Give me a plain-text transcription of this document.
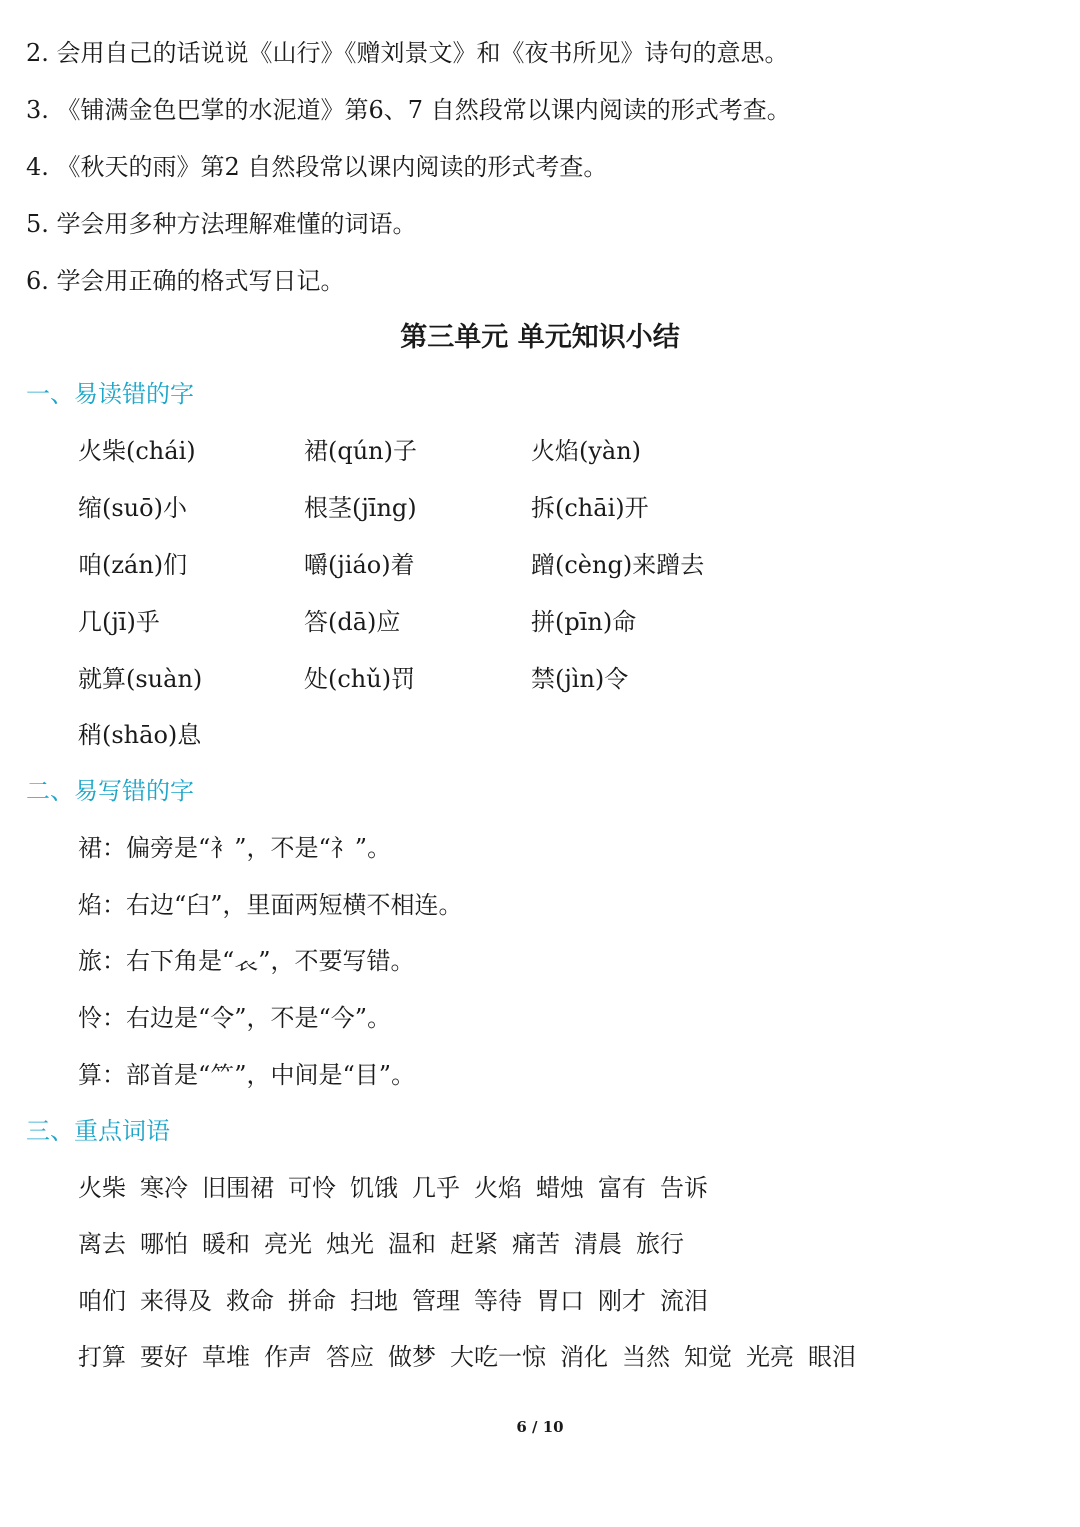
2. 会用自己的话说说《山行》《赠刘景文》和《夜书所见》诗句的意思。
3. 《铺满金色巴掌的水泥道》第6、7 自然段常以课内阅读的形式考查。
4. 《秋天的雨》第2 自然段常以课内阅读的形式考查。
5. 学会用多种方法理解难懂的词语。
6. 学会用正确的格式写日记。
第三单元 单元知识小结
一、易读错的字
火柴(chái)	裙(qún)子	火焰(yàn)
缩(suō)小	根茎(jīng)	拆(chāi)开
咱(zán)们	嚼(jiáo)着	蹭(cèng)来蹭去
几(jī)乎	答(dā)应	拼(pīn)命
就算(suàn)	处(chǔ)罚	禁(jìn)令
稍(shāo)息
二、易写错的字
裙：偏旁是“衤”，不是“礻”。
焰：右边“臼”，里面两短横不相连。
旅：右下角是“𧘇”，不要写错。
怜：右边是“令”，不是“今”。
算：部首是“⺮”，中间是“目”。
三、重点词语
火柴 寒冷 旧围裙 可怜 饥饿 几乎 火焰 蜡烛 富有 告诉
离去 哪怕 暖和 亮光 烛光 温和 赶紧 痛苦 清晨 旅行
咱们 来得及 救命 拼命 扫地 管理 等待 胃口 刚才 流泪
打算 要好 草堆 作声 答应 做梦 大吃一惊 消化 当然 知觉 光亮 眼泪
6 / 10
